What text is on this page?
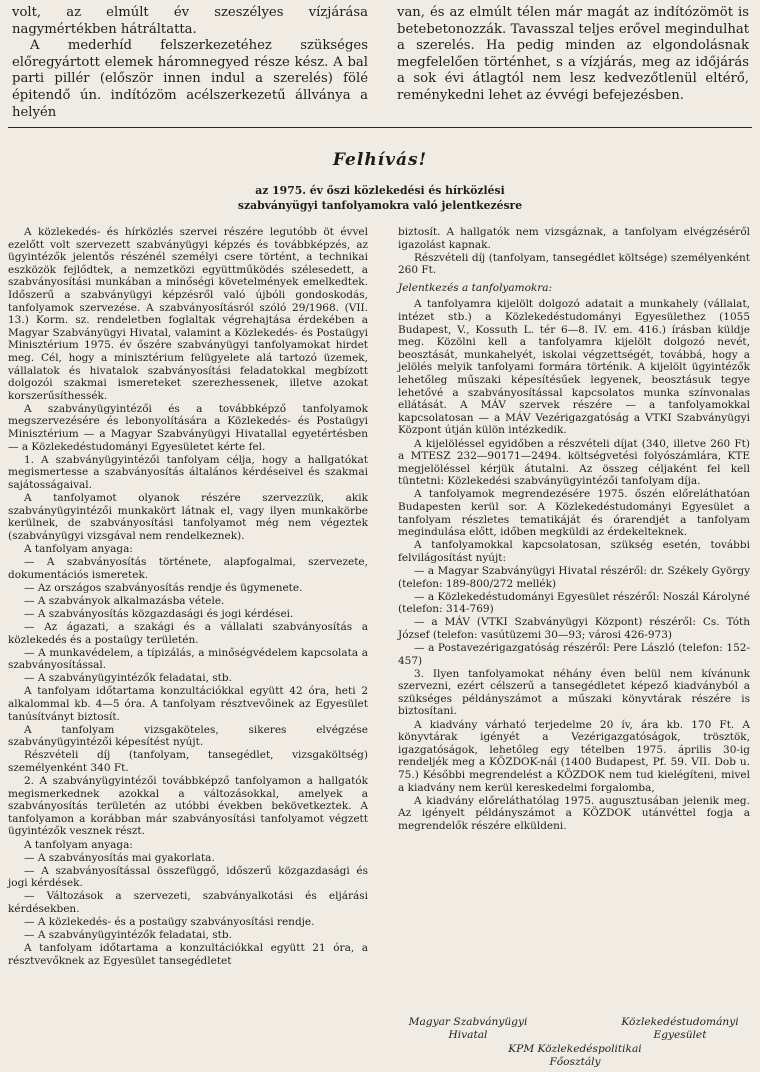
volt, az elmúlt év szeszélyes vízjárása nagymértékben hátráltatta.

A mederhíd felszerkezetéhez szükséges előregyártott elemek háromnegyed része kész. A bal parti pillér (először innen indul a szerelés) fölé épitendő ún. indítózöm acélszerkezetű állványa a helyén

van, és az elmúlt télen már magát az indítózömöt is betebetonozzák. Tavasszal teljes erővel megindulhat a szerelés. Ha pedig minden az elgondolásnak megfelelően történhet, s a vízjárás, meg az időjárás a sok évi átlagtól nem lesz kedvezőtlenül eltérő, reménykedni lehet az évvégi befejezésben.

Felhívás!
az 1975. év őszi közlekedési és hírközlési
szabványügyi tanfolyamokra való jelentkezésre

A közlekedés- és hírközlés szervei részére legutóbb öt évvel ezelőtt volt szervezett szabványügyi képzés és továbbképzés, az ügyintézők jelentős részénél személyi csere történt, a technikai eszközök fejlődtek, a nemzetközi együttműködés szélesedett, a szabványosítási munkában a minőségi követelmények emelkedtek. Időszerű a szabványügyi képzésről való újbóli gondoskodás, tanfolyamok szervezése. A szabványosításról szóló 29/1968. (VII. 13.) Korm. sz. rendeletben foglaltak végrehajtása érdekében a Magyar Szabványügyi Hivatal, valamint a Közlekedés- és Postaügyi Minisztérium 1975. év őszére szabványügyi tanfolyamokat hirdet meg. Cél, hogy a minisztérium felügyelete alá tartozó üzemek, vállalatok és hivatalok szabványosítási feladatokkal megbízott dolgozói szakmai ismereteket szerezhessenek, illetve azokat korszerűsíthessék.

A szabványügyintézői és a továbbképző tanfolyamok megszervezésére és lebonyolítására a Közlekedés- és Postaügyi Minisztérium — a Magyar Szabványügyi Hivatallal egyetértésben — a Közlekedéstudományi Egyesületet kérte fel.

1. A szabványügyintézői tanfolyam célja, hogy a hallgatókat megismertesse a szabványosítás általános kérdéseivel és szakmai sajátosságaival.

A tanfolyamot olyanok részére szervezzük, akik szabványügyintézői munkakört látnak el, vagy ilyen munkakörbe kerülnek, de szabványosítási tanfolyamot még nem végeztek (szabványügyi vizsgával nem rendelkeznek).

A tanfolyam anyaga:

— A szabványosítás története, alapfogalmai, szervezete, dokumentációs ismeretek.

— Az országos szabványosítás rendje és ügymenete.

— A szabványok alkalmazásba vétele.

— A szabványosítás közgazdasági és jogi kérdései.

— Az ágazati, a szakági és a vállalati szabványosítás a közlekedés és a postaügy területén.

— A munkavédelem, a típizálás, a minőségvédelem kapcsolata a szabványosítással.

— A szabványügyintézők feladatai, stb.

A tanfolyam időtartama konzultációkkal együtt 42 óra, heti 2 alkalommal kb. 4—5 óra. A tanfolyam résztvevőinek az Egyesület tanúsítványt biztosít.

A tanfolyam vizsgaköteles, sikeres elvégzése szabványügyintézői képesítést nyújt.

Részvételi díj (tanfolyam, tansegédlet, vizsgaköltség) személyenként 340 Ft.

2. A szabványügyintézői továbbképző tanfolyamon a hallgatók megismerkednek azokkal a változásokkal, amelyek a szabványosítás területén az utóbbi években bekövetkeztek. A tanfolyamon a korábban már szabványosítási tanfolyamot végzett ügyintézők vesznek részt.

A tanfolyam anyaga:

— A szabványosítás mai gyakorlata.

— A szabványosítással összefüggő, időszerű közgazdasági és jogi kérdések.

— Változások a szervezeti, szabványalkotási és eljárási kérdésekben.

— A közlekedés- és a postaügy szabványosítási rendje.

— A szabványügyintézők feladatai, stb.

A tanfolyam időtartama a konzultációkkal együtt 21 óra, a résztvevőknek az Egyesület tansegédletet

biztosít. A hallgatók nem vizsgáznak, a tanfolyam elvégzéséről igazolást kapnak.

Részvételi díj (tanfolyam, tansegédlet költsége) személyenként 260 Ft.

Jelentkezés a tanfolyamokra:

A tanfolyamra kijelölt dolgozó adatait a munkahely (vállalat, intézet stb.) a Közlekedéstudományi Egyesülethez (1055 Budapest, V., Kossuth L. tér 6—8. IV. em. 416.) írásban küldje meg. Közölni kell a tanfolyamra kijelölt dolgozó nevét, beosztását, munkahelyét, iskolai végzettségét, továbbá, hogy a jelölés melyik tanfolyami formára történik. A kijelölt ügyintézők lehetőleg műszaki képesítésűek legyenek, beosztásuk tegye lehetővé a szabványosítással kapcsolatos munka színvonalas ellátását. A MÁV szervek részére — a tanfolyamokkal kapcsolatosan — a MÁV Vezérigazgatóság a VTKI Szabványügyi Központ útján külön intézkedik.

A kijelöléssel egyidőben a részvételi díjat (340, illetve 260 Ft) a MTESZ 232—90171—2494. költségvetési folyószámlára, KTE megjelöléssel kérjük átutalni. Az összeg céljaként fel kell tüntetni: Közlekedési szabványügyintézői tanfolyam díja.

A tanfolyamok megrendezésére 1975. őszén előreláthatóan Budapesten kerül sor. A Közlekedéstudományi Egyesület a tanfolyam részletes tematikáját és órarendjét a tanfolyam megindulása előtt, időben megküldi az érdekelteknek.

A tanfolyamokkal kapcsolatosan, szükség esetén, további felvilágosítást nyújt:

— a Magyar Szabványügyi Hivatal részéről: dr. Székely György (telefon: 189-800/272 mellék)

— a Közlekedéstudományi Egyesület részéről: Noszál Károlyné (telefon: 314-769)

— a MÁV (VTKI Szabványügyi Központ) részéről: Cs. Tóth József (telefon: vasútüzemi 30—93; városi 426-973)

— a Postavezérigazgatóság részéről: Pere László (telefon: 152-457)

3. Ilyen tanfolyamokat néhány éven belül nem kívánunk szervezni, ezért célszerű a tansegédletet képező kiadványból a szükséges példányszámot a műszaki könyvtárak részére is biztosítani.

A kiadvány várható terjedelme 20 ív, ára kb. 170 Ft. A könyvtárak igényét a Vezérigazgatóságok, trösztök, igazgatóságok, lehetőleg egy tételben 1975. április 30-ig rendeljék meg a KÖZDOK-nál (1400 Budapest, Pf. 59. VII. Dob u. 75.) Későbbi megrendelést a KÖZDOK nem tud kielégíteni, mivel a kiadvány nem kerül kereskedelmi forgalomba,

A kiadvány előreláthatólag 1975. augusztusában jelenik meg. Az igényelt példányszámot a KÖZDOK utánvéttel fogja a megrendelők részére elküldeni.

Magyar Szabványügyi
Hivatal
Közlekedéstudományi
Egyesület
KPM Közlekedéspolitikai
Főosztály
